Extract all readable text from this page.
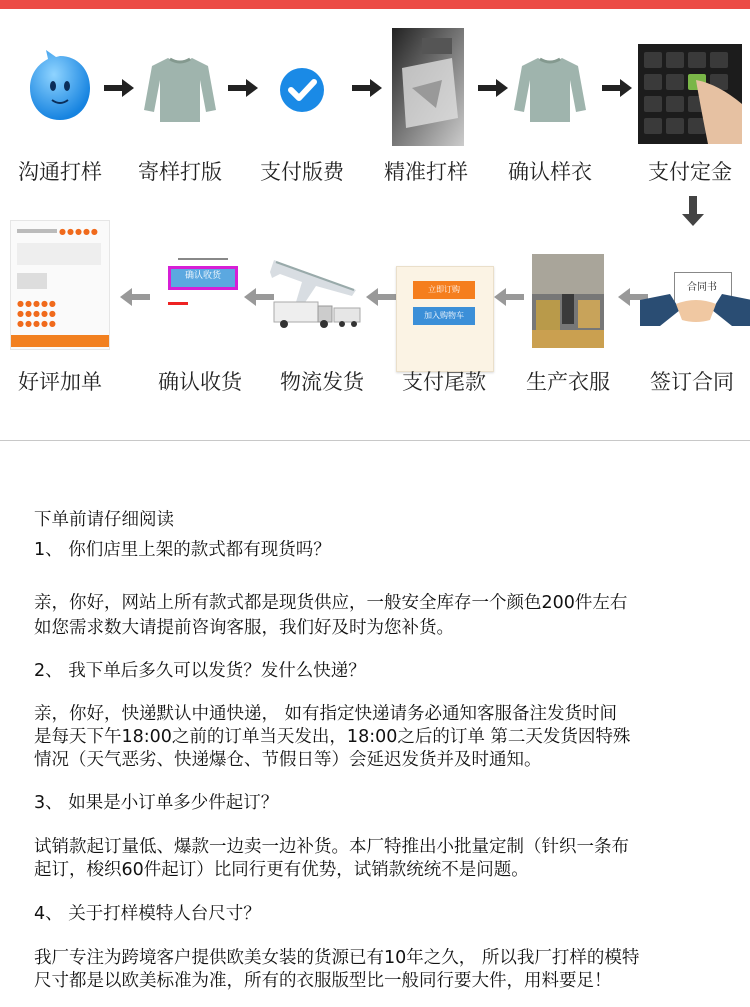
沟通打样	寄样打版	支付版费	精准打样	确认样衣	支付定金
●●●●●
●●●●●
●●●●●
●●●●●
好评加单
确认收货
确认收货	物流发货
立即订购
加入购物车
支付尾款	生产衣服
合同书
签订合同

下单前请仔细阅读

1、 你们店里上架的款式都有现货吗？

亲，你好，网站上所有款式都是现货供应，一般安全库存一个颜色200件左右

如您需求数大请提前咨询客服，我们好及时为您补货。

2、 我下单后多久可以发货？发什么快递？

亲，你好，快递默认中通快递， 如有指定快递请务必通知客服备注发货时间

是每天下午18:00之前的订单当天发出，18:00之后的订单 第二天发货因特殊

情况（天气恶劣、快递爆仓、节假日等）会延迟发货并及时通知。

3、 如果是小订单多少件起订？

试销款起订量低、爆款一边卖一边补货。本厂特推出小批量定制（针织一条布

起订，梭织60件起订）比同行更有优势，试销款统统不是问题。

4、 关于打样模特人台尺寸？

我厂专注为跨境客户提供欧美女装的货源已有10年之久， 所以我厂打样的模特

尺寸都是以欧美标准为准，所有的衣服版型比一般同行要大件，用料要足！
